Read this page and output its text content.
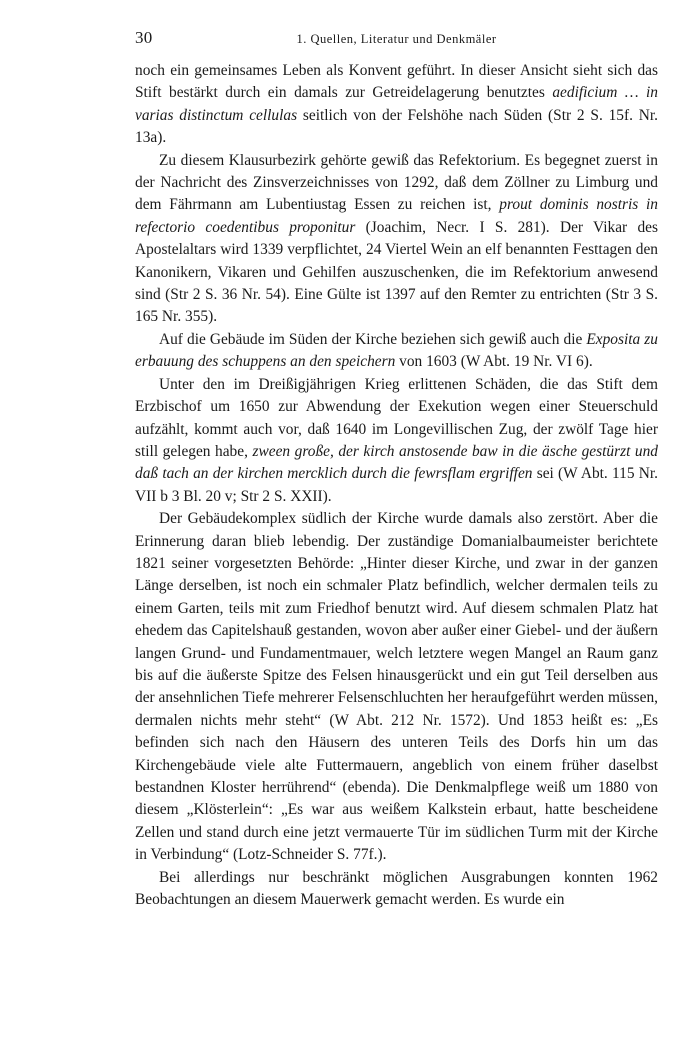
30	1. Quellen, Literatur und Denkmäler

noch ein gemeinsames Leben als Konvent geführt. In dieser Ansicht sieht sich das Stift bestärkt durch ein damals zur Getreidelagerung benutztes aedificium … in varias distinctum cellulas seitlich von der Felshöhe nach Süden (Str 2 S. 15f. Nr. 13a).

Zu diesem Klausurbezirk gehörte gewiß das Refektorium. Es begegnet zuerst in der Nachricht des Zinsverzeichnisses von 1292, daß dem Zöllner zu Limburg und dem Fährmann am Lubentiustag Essen zu reichen ist, prout dominis nostris in refectorio coedentibus proponitur (Joachim, Necr. I S. 281). Der Vikar des Apostelaltars wird 1339 verpflichtet, 24 Viertel Wein an elf benannten Festtagen den Kanonikern, Vikaren und Gehilfen auszuschenken, die im Refektorium anwesend sind (Str 2 S. 36 Nr. 54). Eine Gülte ist 1397 auf den Remter zu entrichten (Str 3 S. 165 Nr. 355).

Auf die Gebäude im Süden der Kirche beziehen sich gewiß auch die Exposita zu erbauung des schuppens an den speichern von 1603 (W Abt. 19 Nr. VI 6).

Unter den im Dreißigjährigen Krieg erlittenen Schäden, die das Stift dem Erzbischof um 1650 zur Abwendung der Exekution wegen einer Steuerschuld aufzählt, kommt auch vor, daß 1640 im Longevillischen Zug, der zwölf Tage hier still gelegen habe, zween große, der kirch anstosende baw in die äsche gestürzt und daß tach an der kirchen mercklich durch die fewrsflam ergriffen sei (W Abt. 115 Nr. VII b 3 Bl. 20 v; Str 2 S. XXII).

Der Gebäudekomplex südlich der Kirche wurde damals also zerstört. Aber die Erinnerung daran blieb lebendig. Der zuständige Domanialbaumeister berichtete 1821 seiner vorgesetzten Behörde: „Hinter dieser Kirche, und zwar in der ganzen Länge derselben, ist noch ein schmaler Platz befindlich, welcher dermalen teils zu einem Garten, teils mit zum Friedhof benutzt wird. Auf diesem schmalen Platz hat ehedem das Capitelshauß gestanden, wovon aber außer einer Giebel- und der äußern langen Grund- und Fundamentmauer, welch letztere wegen Mangel an Raum ganz bis auf die äußerste Spitze des Felsen hinausgerückt und ein gut Teil derselben aus der ansehnlichen Tiefe mehrerer Felsenschluchten her heraufgeführt werden müssen, dermalen nichts mehr steht“ (W Abt. 212 Nr. 1572). Und 1853 heißt es: „Es befinden sich nach den Häusern des unteren Teils des Dorfs hin um das Kirchengebäude viele alte Futtermauern, angeblich von einem früher daselbst bestandnen Kloster herrührend“ (ebenda). Die Denkmalpflege weiß um 1880 von diesem „Klösterlein“: „Es war aus weißem Kalkstein erbaut, hatte bescheidene Zellen und stand durch eine jetzt vermauerte Tür im südlichen Turm mit der Kirche in Verbindung“ (Lotz-Schneider S. 77f.).

Bei allerdings nur beschränkt möglichen Ausgrabungen konnten 1962 Beobachtungen an diesem Mauerwerk gemacht werden. Es wurde ein
